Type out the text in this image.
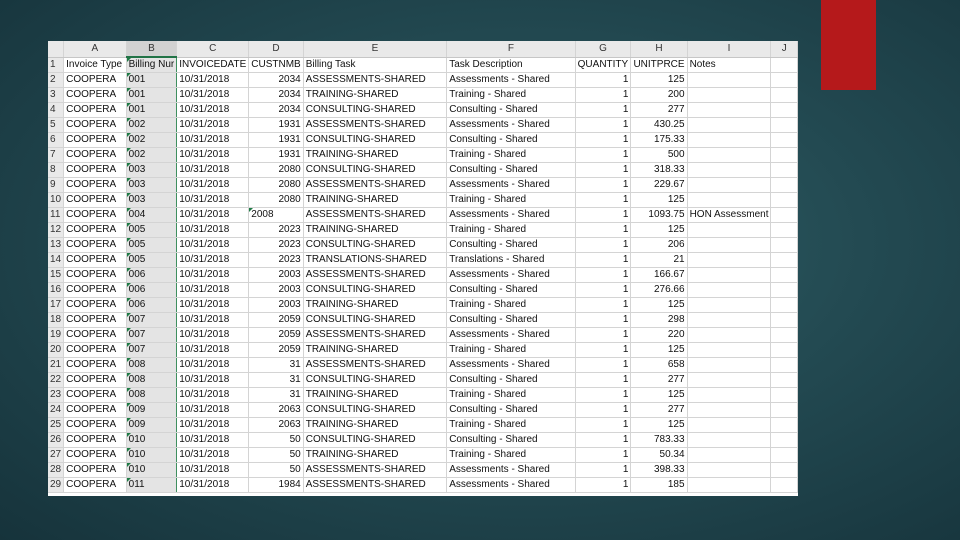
	A	B	C	D	E	F	G	H	I	J
1	Invoice Type	Billing Nur	INVOICEDATE	CUSTNMB	Billing Task	Task Description	QUANTITY	UNITPRCE	Notes	
2	COOPERA	001	10/31/2018	2034	ASSESSMENTS-SHARED	Assessments - Shared	1	125		
3	COOPERA	001	10/31/2018	2034	TRAINING-SHARED	Training - Shared	1	200		
4	COOPERA	001	10/31/2018	2034	CONSULTING-SHARED	Consulting - Shared	1	277		
5	COOPERA	002	10/31/2018	1931	ASSESSMENTS-SHARED	Assessments - Shared	1	430.25		
6	COOPERA	002	10/31/2018	1931	CONSULTING-SHARED	Consulting - Shared	1	175.33		
7	COOPERA	002	10/31/2018	1931	TRAINING-SHARED	Training - Shared	1	500		
8	COOPERA	003	10/31/2018	2080	CONSULTING-SHARED	Consulting - Shared	1	318.33		
9	COOPERA	003	10/31/2018	2080	ASSESSMENTS-SHARED	Assessments - Shared	1	229.67		
10	COOPERA	003	10/31/2018	2080	TRAINING-SHARED	Training - Shared	1	125		
11	COOPERA	004	10/31/2018	2008	ASSESSMENTS-SHARED	Assessments - Shared	1	1093.75	HON Assessment	
12	COOPERA	005	10/31/2018	2023	TRAINING-SHARED	Training - Shared	1	125		
13	COOPERA	005	10/31/2018	2023	CONSULTING-SHARED	Consulting - Shared	1	206		
14	COOPERA	005	10/31/2018	2023	TRANSLATIONS-SHARED	Translations - Shared	1	21		
15	COOPERA	006	10/31/2018	2003	ASSESSMENTS-SHARED	Assessments - Shared	1	166.67		
16	COOPERA	006	10/31/2018	2003	CONSULTING-SHARED	Consulting - Shared	1	276.66		
17	COOPERA	006	10/31/2018	2003	TRAINING-SHARED	Training - Shared	1	125		
18	COOPERA	007	10/31/2018	2059	CONSULTING-SHARED	Consulting - Shared	1	298		
19	COOPERA	007	10/31/2018	2059	ASSESSMENTS-SHARED	Assessments - Shared	1	220		
20	COOPERA	007	10/31/2018	2059	TRAINING-SHARED	Training - Shared	1	125		
21	COOPERA	008	10/31/2018	31	ASSESSMENTS-SHARED	Assessments - Shared	1	658		
22	COOPERA	008	10/31/2018	31	CONSULTING-SHARED	Consulting - Shared	1	277		
23	COOPERA	008	10/31/2018	31	TRAINING-SHARED	Training - Shared	1	125		
24	COOPERA	009	10/31/2018	2063	CONSULTING-SHARED	Consulting - Shared	1	277		
25	COOPERA	009	10/31/2018	2063	TRAINING-SHARED	Training - Shared	1	125		
26	COOPERA	010	10/31/2018	50	CONSULTING-SHARED	Consulting - Shared	1	783.33		
27	COOPERA	010	10/31/2018	50	TRAINING-SHARED	Training - Shared	1	50.34		
28	COOPERA	010	10/31/2018	50	ASSESSMENTS-SHARED	Assessments - Shared	1	398.33		
29	COOPERA	011	10/31/2018	1984	ASSESSMENTS-SHARED	Assessments - Shared	1	185		
